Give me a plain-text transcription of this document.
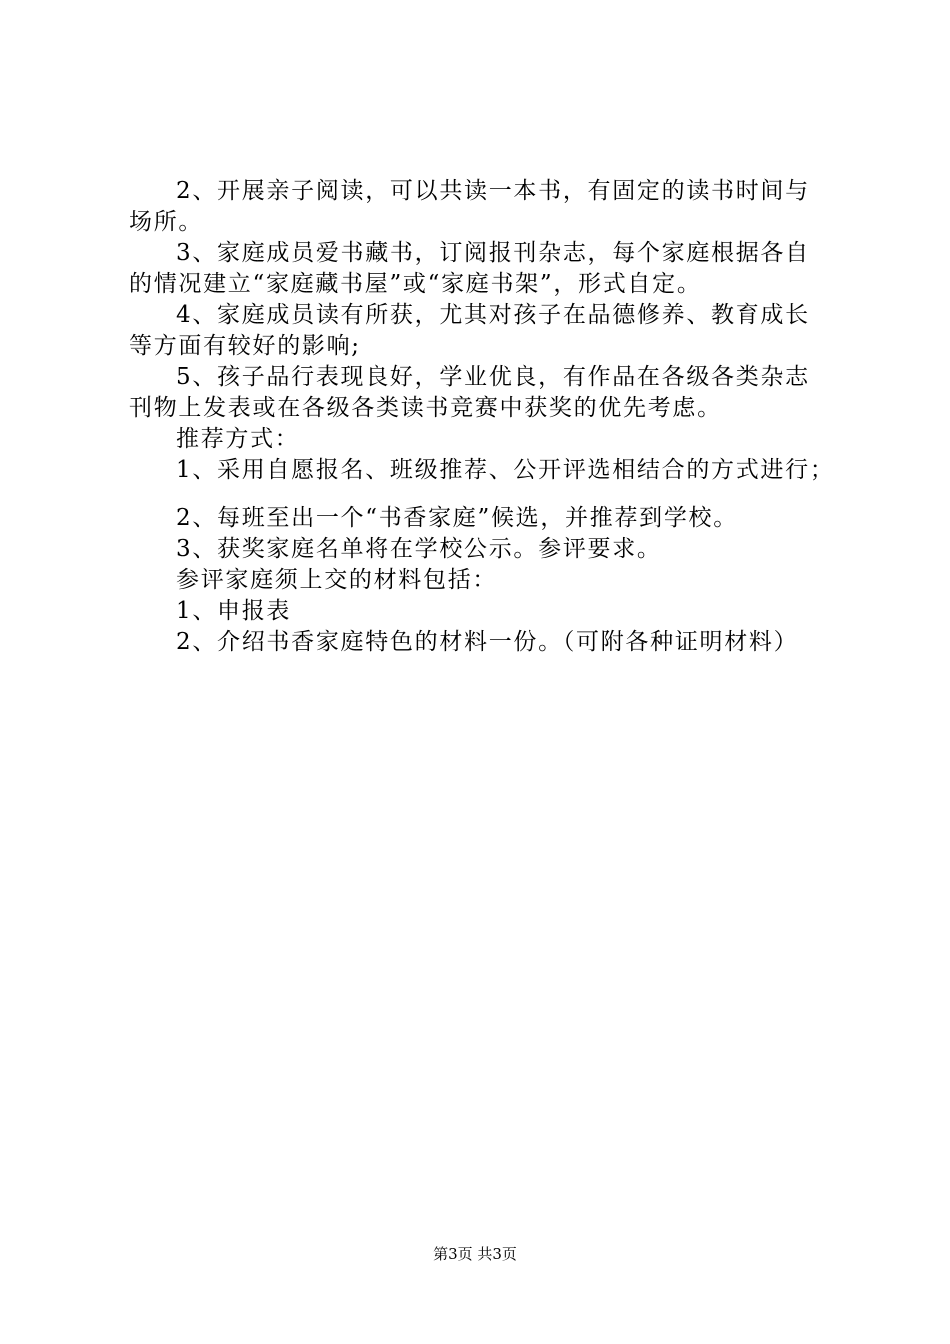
2、开展亲子阅读，可以共读一本书，有固定的读书时间与
场所。
3、家庭成员爱书藏书，订阅报刊杂志，每个家庭根据各自
的情况建立“家庭藏书屋”或“家庭书架”，形式自定。
4、家庭成员读有所获，尤其对孩子在品德修养、教育成长
等方面有较好的影响;
5、孩子品行表现良好，学业优良，有作品在各级各类杂志
刊物上发表或在各级各类读书竞赛中获奖的优先考虑。
推荐方式：
1、采用自愿报名、班级推荐、公开评选相结合的方式进行；
2、每班至出一个“书香家庭”候选，并推荐到学校。
3、获奖家庭名单将在学校公示。参评要求。
参评家庭须上交的材料包括：
1、申报表
2、介绍书香家庭特色的材料一份。（可附各种证明材料）
第3页 共3页
